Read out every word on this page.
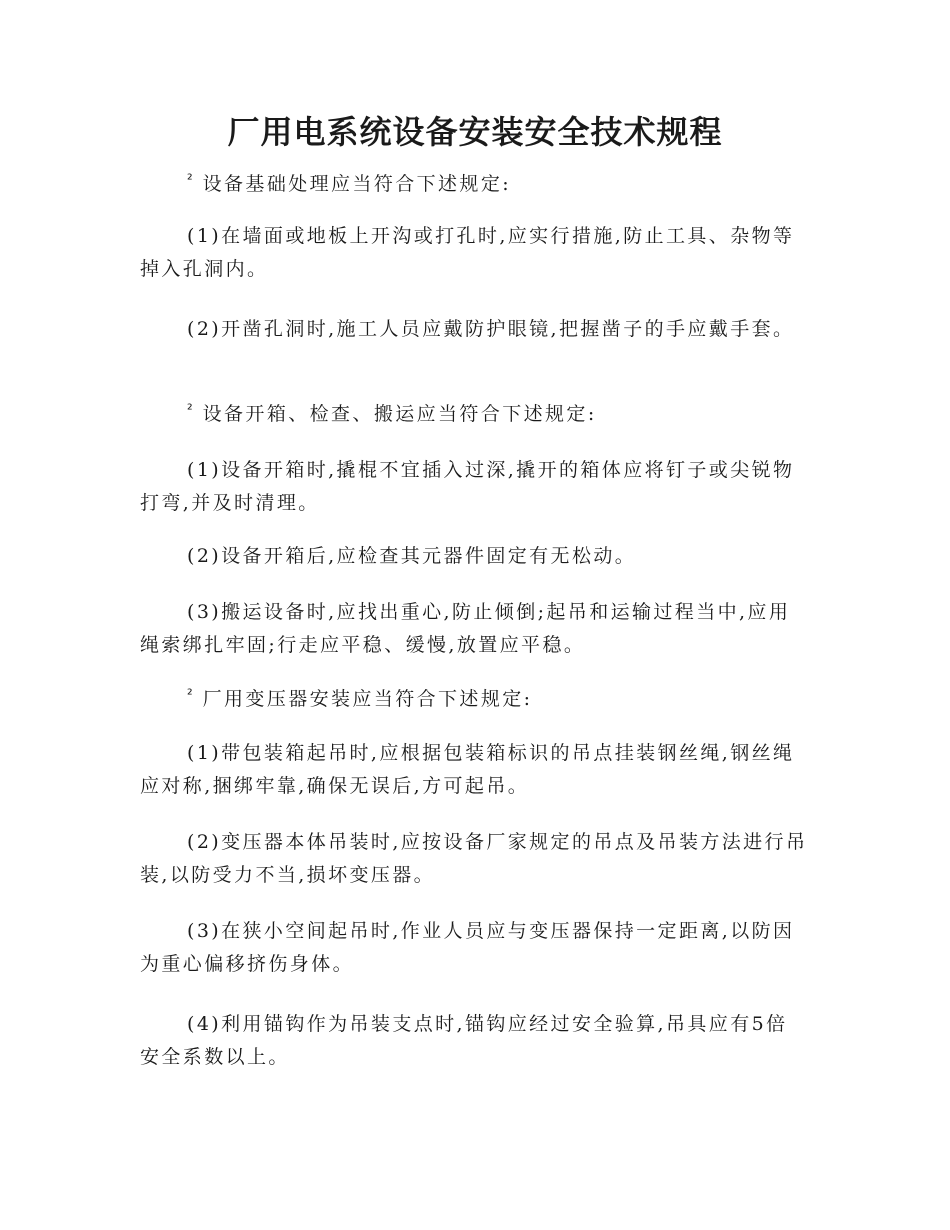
厂用电系统设备安装安全技术规程

$^{^2}$ 设备基础处理应当符合下述规定:

(1)在墙面或地板上开沟或打孔时,应实行措施,防止工具、杂物等掉入孔洞内。

(2)开凿孔洞时,施工人员应戴防护眼镜,把握凿子的手应戴手套。

$^{^2}$ 设备开箱、检查、搬运应当符合下述规定:

(1)设备开箱时,撬棍不宜插入过深,撬开的箱体应将钉子或尖锐物打弯,并及时清理。

(2)设备开箱后,应检查其元器件固定有无松动。

(3)搬运设备时,应找出重心,防止倾倒;起吊和运输过程当中,应用绳索绑扎牢固;行走应平稳、缓慢,放置应平稳。

$^{^2}$ 厂用变压器安装应当符合下述规定:

(1)带包装箱起吊时,应根据包装箱标识的吊点挂装钢丝绳,钢丝绳应对称,捆绑牢靠,确保无误后,方可起吊。

(2)变压器本体吊装时,应按设备厂家规定的吊点及吊装方法进行吊装,以防受力不当,损坏变压器。

(3)在狭小空间起吊时,作业人员应与变压器保持一定距离,以防因为重心偏移挤伤身体。

(4)利用锚钩作为吊装支点时,锚钩应经过安全验算,吊具应有5倍安全系数以上。
